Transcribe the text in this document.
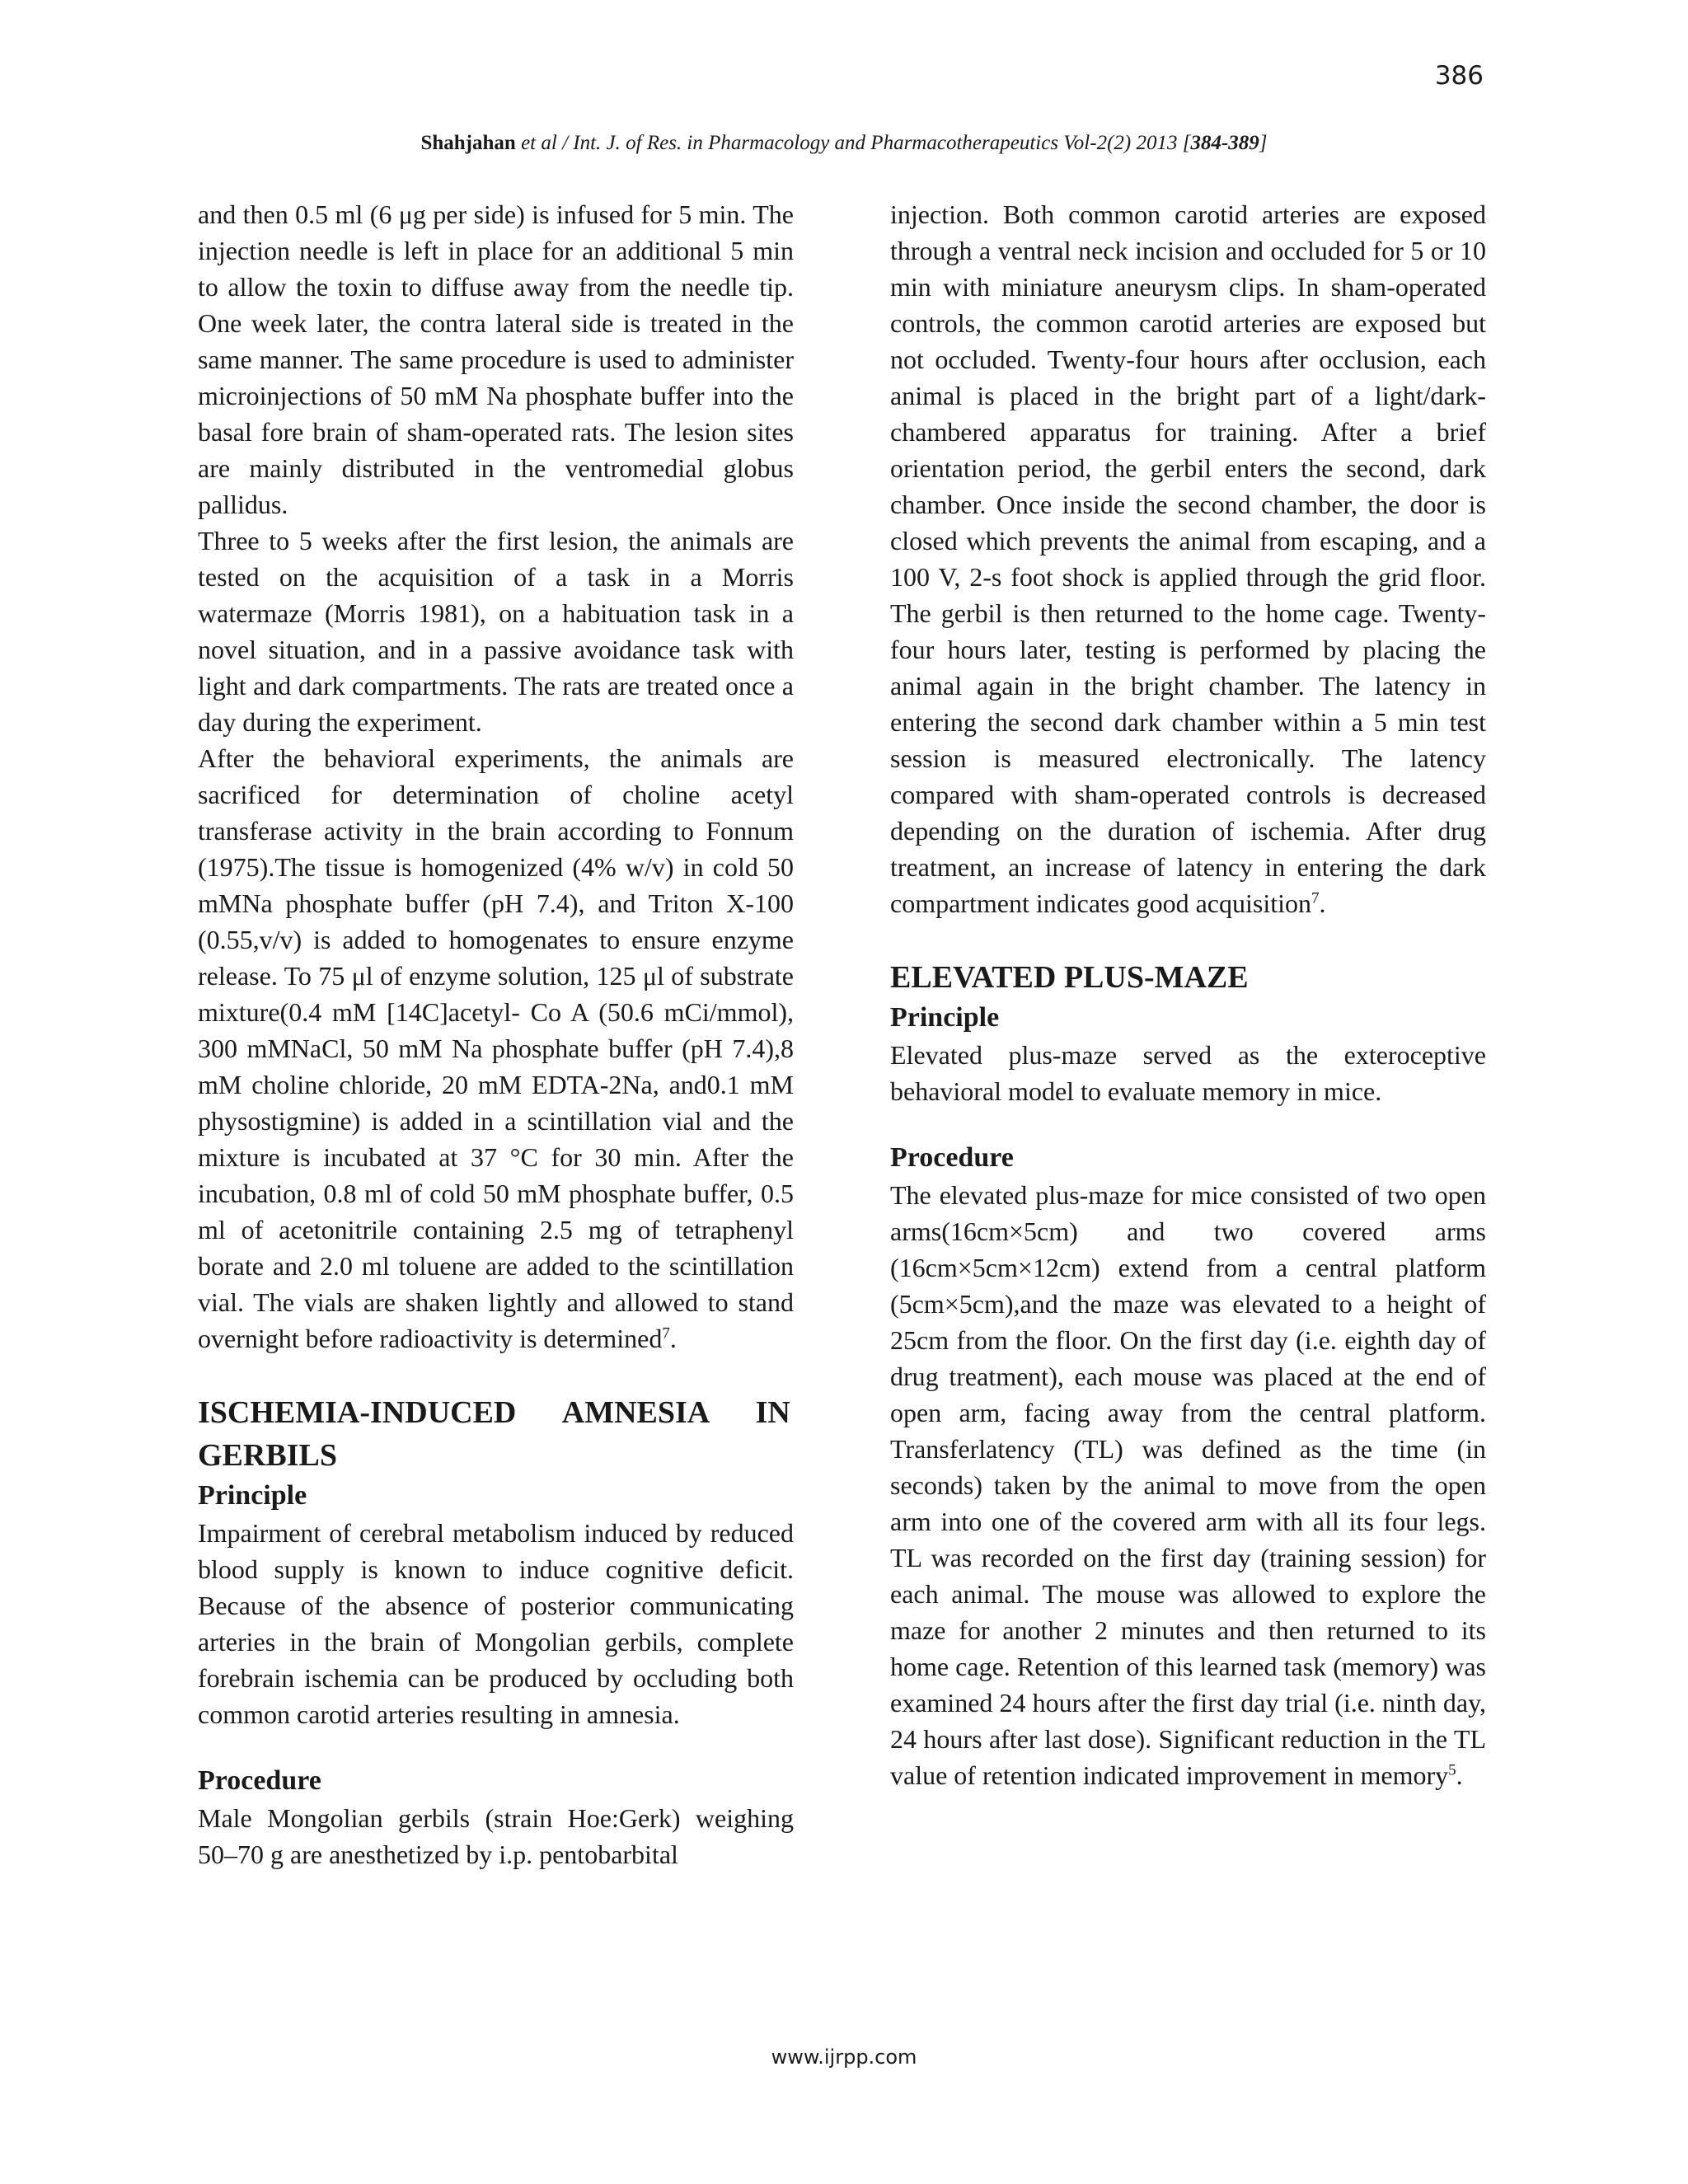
386
Shahjahan et al / Int. J. of Res. in Pharmacology and Pharmacotherapeutics Vol-2(2) 2013 [384-389]

and then 0.5 ml (6 μg per side) is infused for 5 min. The injection needle is left in place for an additional 5 min to allow the toxin to diffuse away from the needle tip. One week later, the contra lateral side is treated in the same manner. The same procedure is used to administer microinjections of 50 mM Na phosphate buffer into the basal fore brain of sham-operated rats. The lesion sites are mainly distributed in the ventromedial globus pallidus.

Three to 5 weeks after the first lesion, the animals are tested on the acquisition of a task in a Morris watermaze (Morris 1981), on a habituation task in a novel situation, and in a passive avoidance task with light and dark compartments. The rats are treated once a day during the experiment.

After the behavioral experiments, the animals are sacrificed for determination of choline acetyl transferase activity in the brain according to Fonnum (1975).The tissue is homogenized (4% w/v) in cold 50 mMNa phosphate buffer (pH 7.4), and Triton X-100 (0.55,v/v) is added to homogenates to ensure enzyme release. To 75 μl of enzyme solution, 125 μl of substrate mixture(0.4 mM [14C]acetyl- Co A (50.6 mCi/mmol), 300 mMNaCl, 50 mM Na phosphate buffer (pH 7.4),8 mM choline chloride, 20 mM EDTA-2Na, and0.1 mM physostigmine) is added in a scintillation vial and the mixture is incubated at 37 °C for 30 min. After the incubation, 0.8 ml of cold 50 mM phosphate buffer, 0.5 ml of acetonitrile containing 2.5 mg of tetraphenyl borate and 2.0 ml toluene are added to the scintillation vial. The vials are shaken lightly and allowed to stand overnight before radioactivity is determined$^7$.

ISCHEMIA-INDUCED AMNESIA IN
GERBILS
Principle

Impairment of cerebral metabolism induced by reduced blood supply is known to induce cognitive deficit. Because of the absence of posterior communicating arteries in the brain of Mongolian gerbils, complete forebrain ischemia can be produced by occluding both common carotid arteries resulting in amnesia.

Procedure

Male Mongolian gerbils (strain Hoe:Gerk) weighing 50–70 g are anesthetized by i.p. pentobarbital

injection. Both common carotid arteries are exposed through a ventral neck incision and occluded for 5 or 10 min with miniature aneurysm clips. In sham-operated controls, the common carotid arteries are exposed but not occluded. Twenty-four hours after occlusion, each animal is placed in the bright part of a light/dark-chambered apparatus for training. After a brief orientation period, the gerbil enters the second, dark chamber. Once inside the second chamber, the door is closed which prevents the animal from escaping, and a 100 V, 2-s foot shock is applied through the grid floor. The gerbil is then returned to the home cage. Twenty-four hours later, testing is performed by placing the animal again in the bright chamber. The latency in entering the second dark chamber within a 5 min test session is measured electronically. The latency compared with sham-operated controls is decreased depending on the duration of ischemia. After drug treatment, an increase of latency in entering the dark compartment indicates good acquisition$^7$.

ELEVATED PLUS-MAZE
Principle

Elevated plus-maze served as the exteroceptive behavioral model to evaluate memory in mice.

Procedure

The elevated plus-maze for mice consisted of two open arms(16cm×5cm) and two covered arms (16cm×5cm×12cm) extend from a central platform (5cm×5cm),and the maze was elevated to a height of 25cm from the floor. On the first day (i.e. eighth day of drug treatment), each mouse was placed at the end of open arm, facing away from the central platform. Transferlatency (TL) was defined as the time (in seconds) taken by the animal to move from the open arm into one of the covered arm with all its four legs. TL was recorded on the first day (training session) for each animal. The mouse was allowed to explore the maze for another 2 minutes and then returned to its home cage. Retention of this learned task (memory) was examined 24 hours after the first day trial (i.e. ninth day, 24 hours after last dose). Significant reduction in the TL value of retention indicated improvement in memory$^5$.

www.ijrpp.com
